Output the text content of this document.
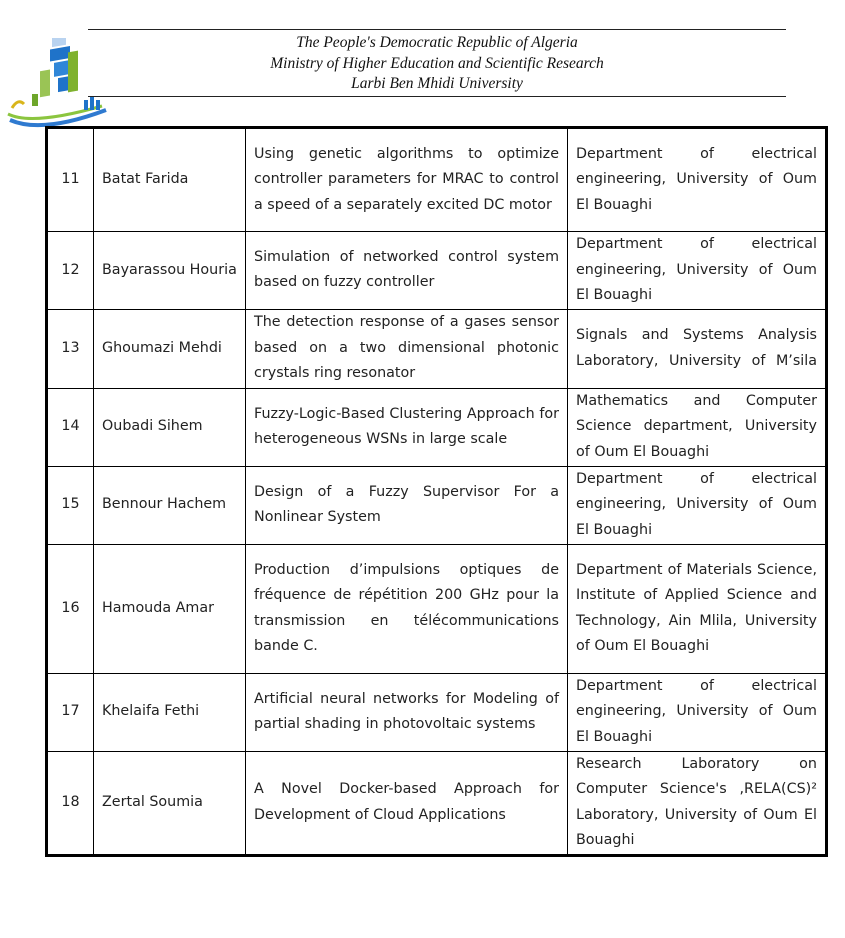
The People's Democratic Republic of Algeria
Ministry of Higher Education and Scientific Research
Larbi Ben Mhidi University
11	Batat Farida	Using genetic algorithms to optimize controller parameters for MRAC to control a speed of a separately excited DC motor	Department of electrical engineering, University of Oum El Bouaghi
12	Bayarassou Houria	Simulation of networked control system based on fuzzy controller	Department of electrical engineering, University of Oum El Bouaghi
13	Ghoumazi Mehdi	The detection response of a gases sensor based on a two dimensional photonic crystals ring resonator	Signals and Systems Analysis Laboratory, University of M’sila
14	Oubadi Sihem	Fuzzy-Logic-Based Clustering Approach for heterogeneous WSNs in large scale	Mathematics and Computer Science department, University of Oum El Bouaghi
15	Bennour Hachem	Design of a Fuzzy Supervisor For a Nonlinear System	Department of electrical engineering, University of Oum El Bouaghi
16	Hamouda Amar	Production d’impulsions optiques de fréquence de répétition 200 GHz pour la transmission en télécommunications bande C.	Department of Materials Science, Institute of Applied Science and Technology, Ain Mlila, University of Oum El Bouaghi
17	Khelaifa Fethi	Artificial neural networks for Modeling of partial shading in photovoltaic systems	Department of electrical engineering, University of Oum El Bouaghi
18	Zertal Soumia	A Novel Docker-based Approach for Development of Cloud Applications	Research Laboratory on Computer Science's ,RELA(CS)² Laboratory, University of Oum El Bouaghi
